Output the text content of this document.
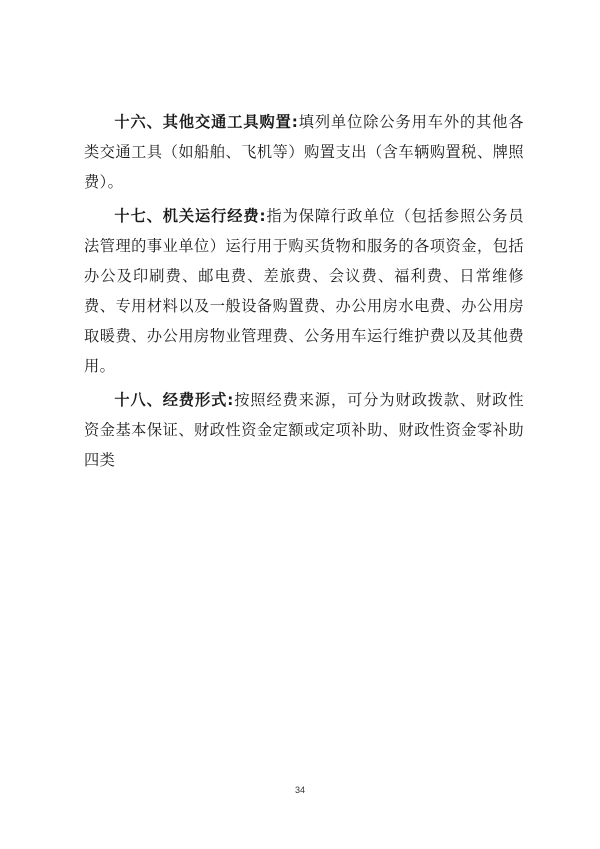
十六、其他交通工具购置:填列单位除公务用车外的其他各类交通工具（如船舶、飞机等）购置支出（含车辆购置税、牌照费）。

十七、机关运行经费:指为保障行政单位（包括参照公务员法管理的事业单位）运行用于购买货物和服务的各项资金，包括办公及印刷费、邮电费、差旅费、会议费、福利费、日常维修费、专用材料以及一般设备购置费、办公用房水电费、办公用房取暖费、办公用房物业管理费、公务用车运行维护费以及其他费用。

十八、经费形式:按照经费来源，可分为财政拨款、财政性资金基本保证、财政性资金定额或定项补助、财政性资金零补助四类

34
